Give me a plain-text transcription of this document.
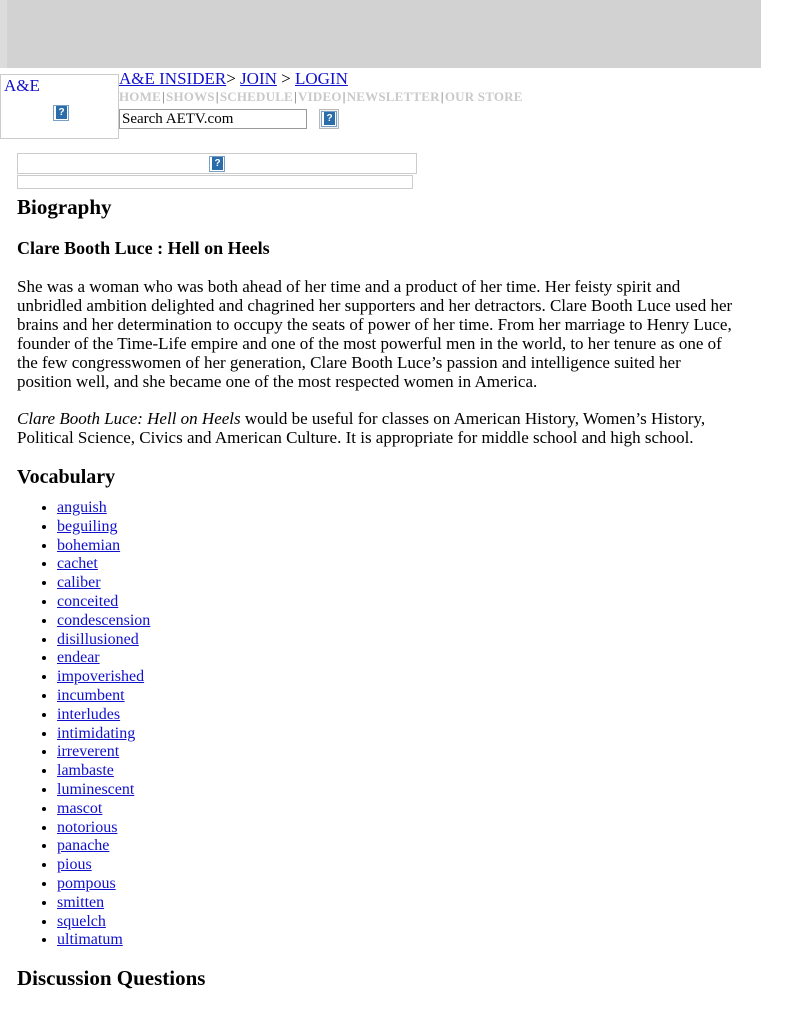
A&E
?	A&E INSIDER> JOIN > LOGIN
HOME|SHOWS|SCHEDULE|VIDEO|NEWSLETTER|OUR STORE
Search AETV.com
?
?
Biography
Clare Booth Luce : Hell on Heels

She was a woman who was both ahead of her time and a product of her time. Her feisty spirit and unbridled ambition delighted and chagrined her supporters and her detractors. Clare Booth Luce used her brains and her determination to occupy the seats of power of her time. From her marriage to Henry Luce, founder of the Time-Life empire and one of the most powerful men in the world, to her tenure as one of the few congresswomen of her generation, Clare Booth Luce’s passion and intelligence suited her position well, and she became one of the most respected women in America.

Clare Booth Luce: Hell on Heels would be useful for classes on American History, Women’s History, Political Science, Civics and American Culture. It is appropriate for middle school and high school.

Vocabulary
• anguish
• beguiling
• bohemian
• cachet
• caliber
• conceited
• condescension
• disillusioned
• endear
• impoverished
• incumbent
• interludes
• intimidating
• irreverent
• lambaste
• luminescent
• mascot
• notorious
• panache
• pious
• pompous
• smitten
• squelch
• ultimatum
Discussion Questions
